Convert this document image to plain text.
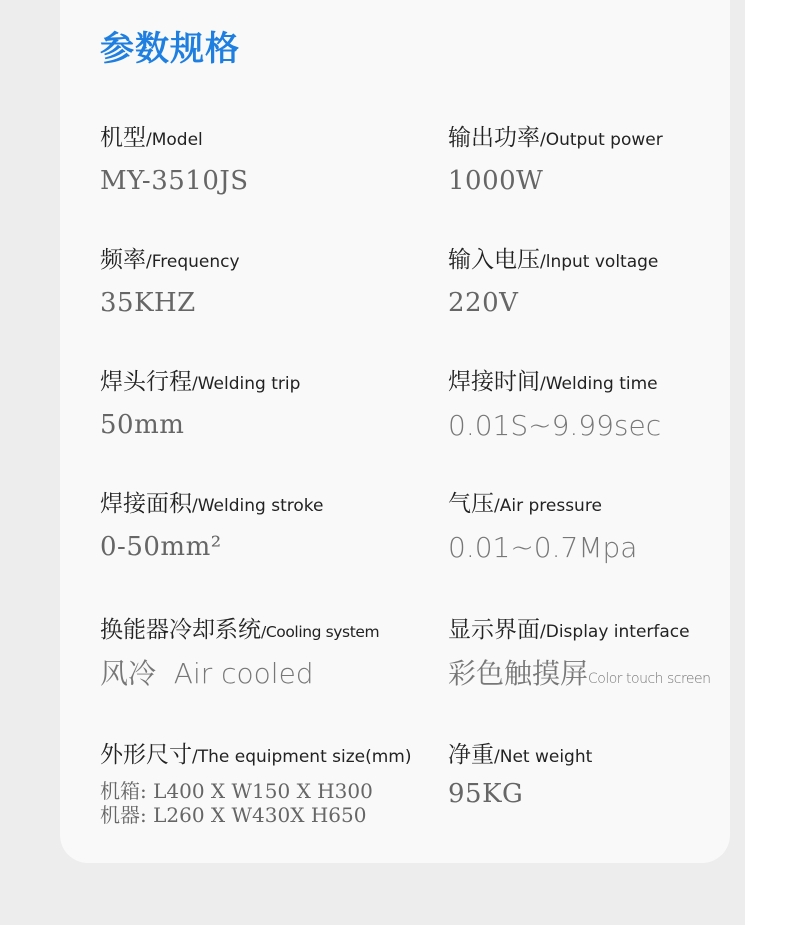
参数规格
机型/Model
MY-3510JS
输出功率/Output power
1000W
频率/Frequency
35KHZ
输入电压/lnput voltage
220V
焊头行程/Welding trip
50mm
焊接时间/Welding time
0.01S~9.99sec
焊接面积/Welding stroke
0-50mm²
气压/Air pressure
0.01~0.7Mpa
换能器冷却系统/Cooling system
风冷  Air cooled
显示界面/Display interface
彩色触摸屏Color touch screen
外形尺寸/The equipment size(mm)
机箱: L400 X W150 X H300
机器: L260 X W430X H650
净重/Net weight
95KG
